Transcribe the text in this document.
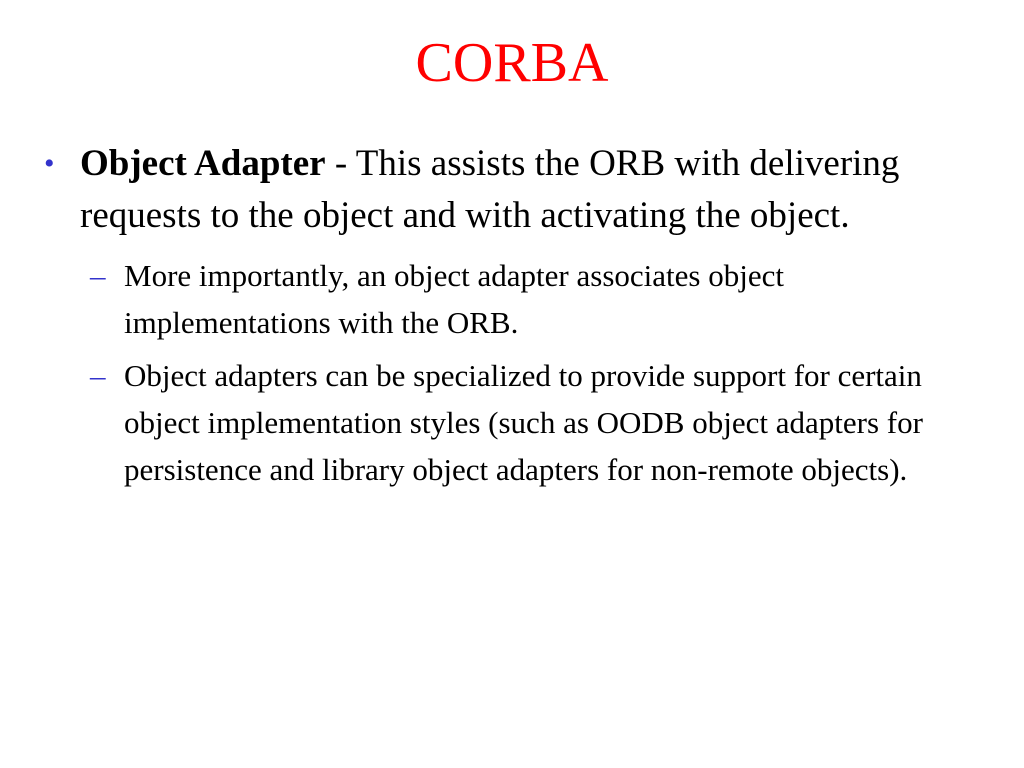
CORBA
• Object Adapter - This assists the ORB with delivering requests to the object and with activating the object.
– More importantly, an object adapter associates object implementations with the ORB.
– Object adapters can be specialized to provide support for certain object implementation styles (such as OODB object adapters for persistence and library object adapters for non-remote objects).
